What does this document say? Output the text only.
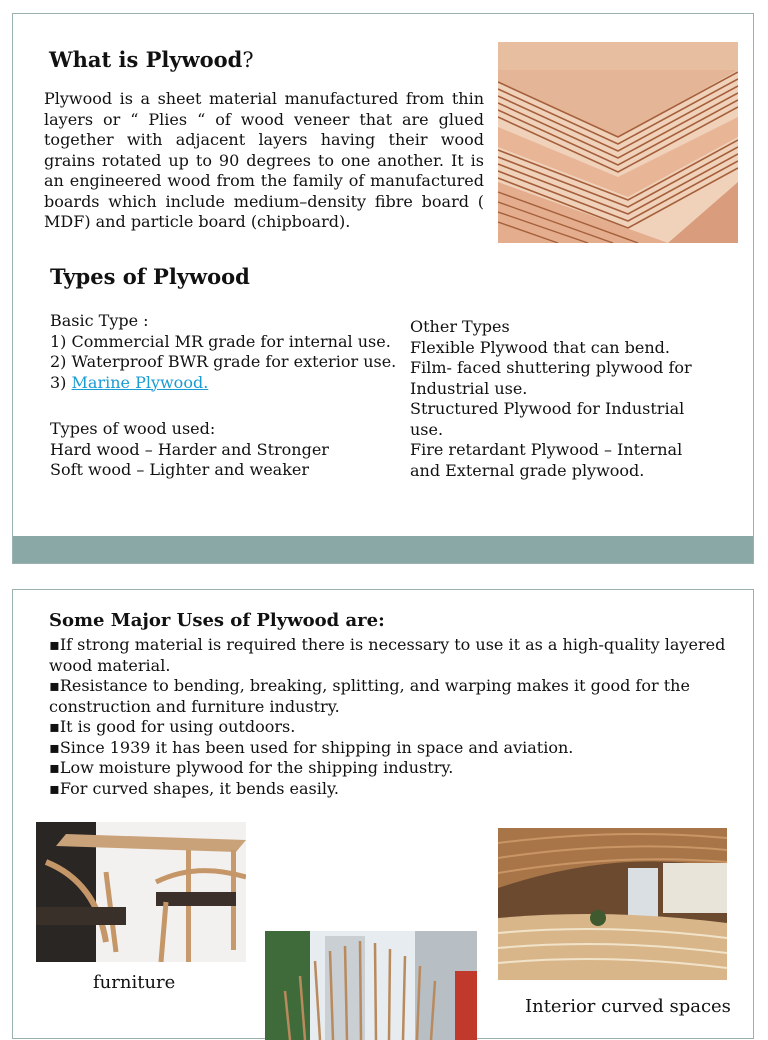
What is Plywood?

Plywood is a sheet material manufactured from thin layers or “ Plies “ of wood veneer that are glued together with adjacent layers having their wood grains rotated up to 90 degrees to one another. It is an engineered wood from the family of manufactured boards which include medium–density fibre board ( MDF) and particle board (chipboard).

Types of Plywood
Basic Type :
1) Commercial MR grade for internal use.
2) Waterproof BWR grade for exterior use.
3) Marine Plywood.
Types of wood used:
Hard wood – Harder and Stronger
Soft wood – Lighter and weaker
Other Types
Flexible Plywood that can bend.
Film- faced shuttering plywood for
Industrial use.
Structured Plywood for Industrial
use.
Fire retardant Plywood – Internal
and External grade plywood.
Some Major Uses of Plywood are:
▪If strong material is required there is necessary to use it as a high-quality layered wood material.
▪Resistance to bending, breaking, splitting, and warping makes it good for the construction and furniture industry.
▪It is good for using outdoors.
▪Since 1939 it has been used for shipping in space and aviation.
▪Low moisture plywood for the shipping industry.
▪For curved shapes, it bends easily.
furniture
Interior curved spaces
